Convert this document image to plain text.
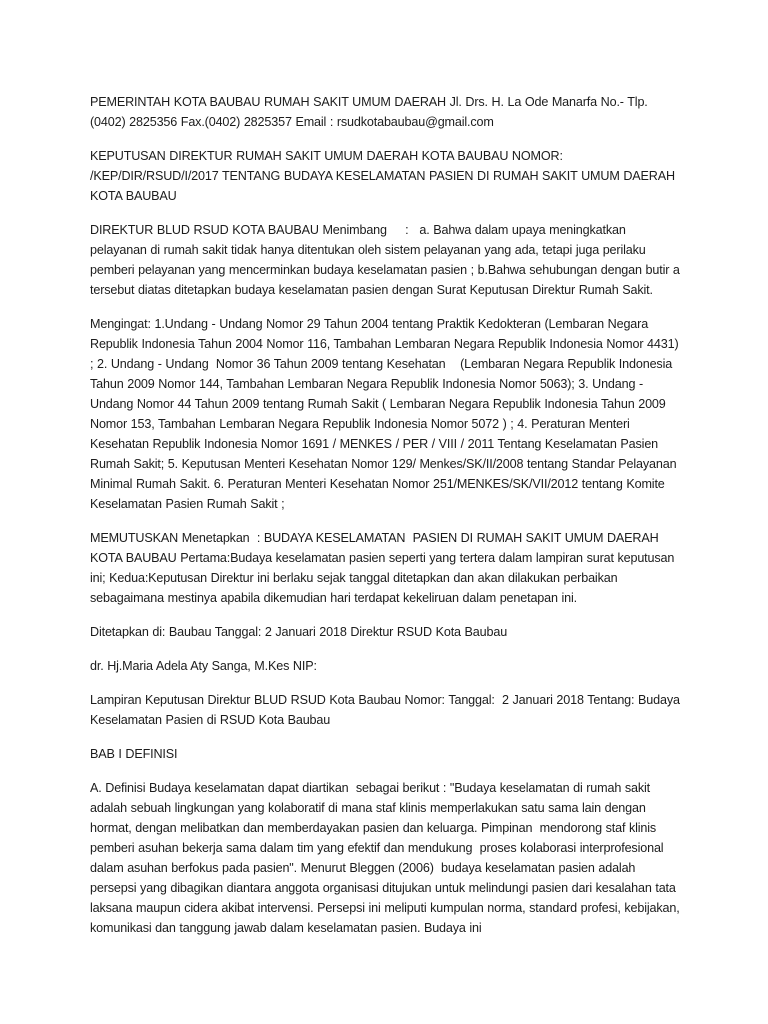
PEMERINTAH KOTA BAUBAU RUMAH SAKIT UMUM DAERAH Jl. Drs. H. La Ode Manarfa No.- Tlp.(0402) 2825356 Fax.(0402) 2825357 Email : rsudkotabaubau@gmail.com

KEPUTUSAN DIREKTUR RUMAH SAKIT UMUM DAERAH KOTA BAUBAU NOMOR: /KEP/DIR/RSUD/I/2017 TENTANG BUDAYA KESELAMATAN PASIEN DI RUMAH SAKIT UMUM DAERAH KOTA BAUBAU

DIREKTUR BLUD RSUD KOTA BAUBAU Menimbang     :   a. Bahwa dalam upaya meningkatkan pelayanan di rumah sakit tidak hanya ditentukan oleh sistem pelayanan yang ada, tetapi juga perilaku pemberi pelayanan yang mencerminkan budaya keselamatan pasien ; b.Bahwa sehubungan dengan butir a tersebut diatas ditetapkan budaya keselamatan pasien dengan Surat Keputusan Direktur Rumah Sakit.

Mengingat: 1.Undang - Undang Nomor 29 Tahun 2004 tentang Praktik Kedokteran (Lembaran Negara Republik Indonesia Tahun 2004 Nomor 116, Tambahan Lembaran Negara Republik Indonesia Nomor 4431) ; 2. Undang - Undang  Nomor 36 Tahun 2009 tentang Kesehatan    (Lembaran Negara Republik Indonesia Tahun 2009 Nomor 144, Tambahan Lembaran Negara Republik Indonesia Nomor 5063); 3. Undang - Undang Nomor 44 Tahun 2009 tentang Rumah Sakit ( Lembaran Negara Republik Indonesia Tahun 2009 Nomor 153, Tambahan Lembaran Negara Republik Indonesia Nomor 5072 ) ; 4. Peraturan Menteri Kesehatan Republik Indonesia Nomor 1691 / MENKES / PER / VIII / 2011 Tentang Keselamatan Pasien Rumah Sakit; 5. Keputusan Menteri Kesehatan Nomor 129/ Menkes/SK/II/2008 tentang Standar Pelayanan Minimal Rumah Sakit. 6. Peraturan Menteri Kesehatan Nomor 251/MENKES/SK/VII/2012 tentang Komite Keselamatan Pasien Rumah Sakit ;

MEMUTUSKAN Menetapkan  : BUDAYA KESELAMATAN  PASIEN DI RUMAH SAKIT UMUM DAERAH KOTA BAUBAU Pertama:Budaya keselamatan pasien seperti yang tertera dalam lampiran surat keputusan ini; Kedua:Keputusan Direktur ini berlaku sejak tanggal ditetapkan dan akan dilakukan perbaikan sebagaimana mestinya apabila dikemudian hari terdapat kekeliruan dalam penetapan ini.

Ditetapkan di: Baubau Tanggal: 2 Januari 2018 Direktur RSUD Kota Baubau

dr. Hj.Maria Adela Aty Sanga, M.Kes NIP:

Lampiran Keputusan Direktur BLUD RSUD Kota Baubau Nomor: Tanggal:  2 Januari 2018 Tentang: Budaya Keselamatan Pasien di RSUD Kota Baubau

BAB I DEFINISI

A. Definisi Budaya keselamatan dapat diartikan  sebagai berikut : "Budaya keselamatan di rumah sakit adalah sebuah lingkungan yang kolaboratif di mana staf klinis memperlakukan satu sama lain dengan hormat, dengan melibatkan dan memberdayakan pasien dan keluarga. Pimpinan  mendorong staf klinis pemberi asuhan bekerja sama dalam tim yang efektif dan mendukung  proses kolaborasi interprofesional dalam asuhan berfokus pada pasien". Menurut Bleggen (2006)  budaya keselamatan pasien adalah persepsi yang dibagikan diantara anggota organisasi ditujukan untuk melindungi pasien dari kesalahan tata laksana maupun cidera akibat intervensi. Persepsi ini meliputi kumpulan norma, standard profesi, kebijakan, komunikasi dan tanggung jawab dalam keselamatan pasien. Budaya ini
